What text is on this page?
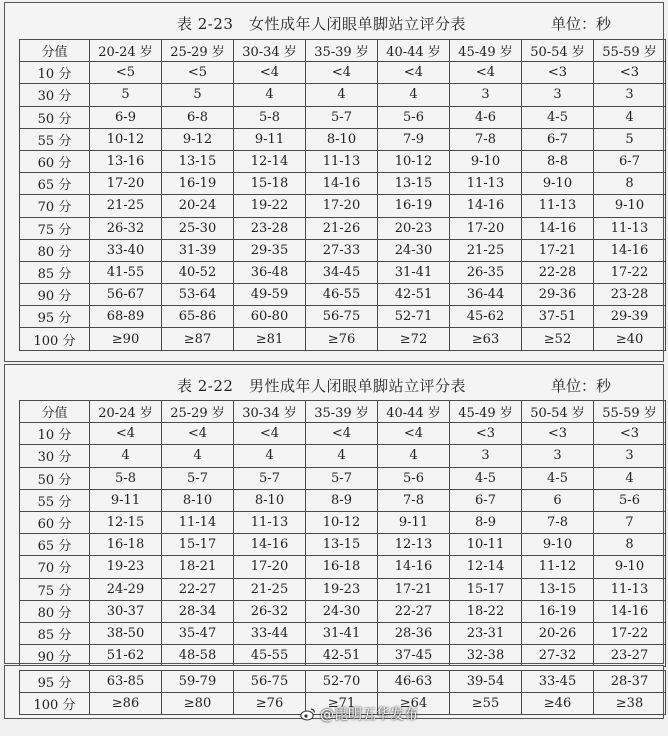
表 2-23　女性成年人闭眼单脚站立评分表	单位：秒
分值	20-24 岁	25-29 岁	30-34 岁	35-39 岁	40-44 岁	45-49 岁	50-54 岁	55-59 岁
10 分	<5	<5	<4	<4	<4	<4	<3	<3
30 分	5	5	4	4	4	3	3	3
50 分	6-9	6-8	5-8	5-7	5-6	4-6	4-5	4
55 分	10-12	9-12	9-11	8-10	7-9	7-8	6-7	5
60 分	13-16	13-15	12-14	11-13	10-12	9-10	8-8	6-7
65 分	17-20	16-19	15-18	14-16	13-15	11-13	9-10	8
70 分	21-25	20-24	19-22	17-20	16-19	14-16	11-13	9-10
75 分	26-32	25-30	23-28	21-26	20-23	17-20	14-16	11-13
80 分	33-40	31-39	29-35	27-33	24-30	21-25	17-21	14-16
85 分	41-55	40-52	36-48	34-45	31-41	26-35	22-28	17-22
90 分	56-67	53-64	49-59	46-55	42-51	36-44	29-36	23-28
95 分	68-89	65-86	60-80	56-75	52-71	45-62	37-51	29-39
100 分	≥90	≥87	≥81	≥76	≥72	≥63	≥52	≥40
表 2-22　男性成年人闭眼单脚站立评分表	单位：秒
分值	20-24 岁	25-29 岁	30-34 岁	35-39 岁	40-44 岁	45-49 岁	50-54 岁	55-59 岁
10 分	<4	<4	<4	<4	<4	<3	<3	<3
30 分	4	4	4	4	4	3	3	3
50 分	5-8	5-7	5-7	5-7	5-6	4-5	4-5	4
55 分	9-11	8-10	8-10	8-9	7-8	6-7	6	5-6
60 分	12-15	11-14	11-13	10-12	9-11	8-9	7-8	7
65 分	16-18	15-17	14-16	13-15	12-13	10-11	9-10	8
70 分	19-23	18-21	17-20	16-18	14-16	12-14	11-12	9-10
75 分	24-29	22-27	21-25	19-23	17-21	15-17	13-15	11-13
80 分	30-37	28-34	26-32	24-30	22-27	18-22	16-19	14-16
85 分	38-50	35-47	33-44	31-41	28-36	23-31	20-26	17-22
90 分	51-62	48-58	45-55	42-51	37-45	32-38	27-32	23-27
95 分	63-85	59-79	56-75	52-70	46-63	39-54	33-45	28-37
100 分	≥86	≥80	≥76	≥71	≥64	≥55	≥46	≥38
@昆明五华发布
